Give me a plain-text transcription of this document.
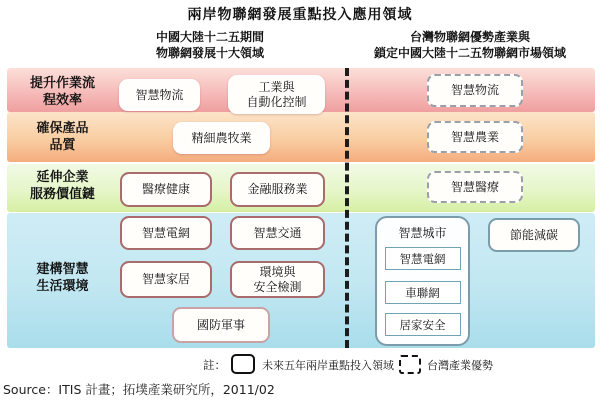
兩岸物聯網發展重點投入應用領域
中國大陸十二五期間
物聯網發展十大領域
台灣物聯網優勢產業與
鎖定中國大陸十二五物聯網市場領域
提升作業流
程效率
確保產品
品質
延伸企業
服務價值鏈
建構智慧
生活環境
智慧物流
工業與
自動化控制
精細農牧業
醫療健康	金融服務業
智慧電網	智慧交通
智慧家居
環境與
安全檢測
國防軍事
智慧物流
智慧農業
智慧醫療
智慧城市
智慧電網
車聯網
居家安全
節能減碳
註：	未來五年兩岸重點投入領域	台灣產業優勢
Source：ITIS 計畫；拓墣產業研究所，2011/02
